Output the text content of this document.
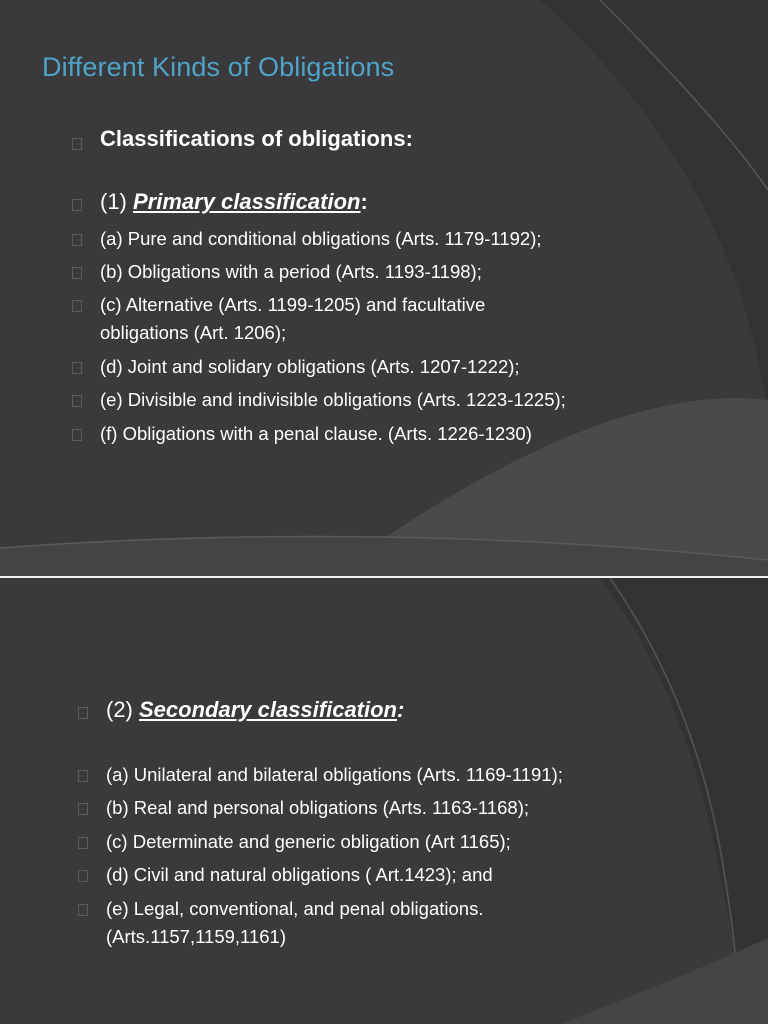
Different Kinds of Obligations
Classifications of obligations:
(1) Primary classification:
(a) Pure and conditional obligations (Arts. 1179-1192);
(b) Obligations with a period (Arts. 1193-1198);
(c) Alternative (Arts. 1199-1205) and facultative obligations (Art. 1206);
(d) Joint and solidary obligations (Arts. 1207-1222);
(e) Divisible and indivisible obligations (Arts. 1223-1225);
(f) Obligations with a penal clause. (Arts. 1226-1230)
(2) Secondary classification:
(a) Unilateral and bilateral obligations (Arts. 1169-1191);
(b) Real and personal obligations (Arts. 1163-1168);
(c) Determinate and generic obligation (Art 1165);
(d) Civil and natural obligations ( Art.1423); and
(e) Legal, conventional, and penal obligations. (Arts.1157,1159,1161)
